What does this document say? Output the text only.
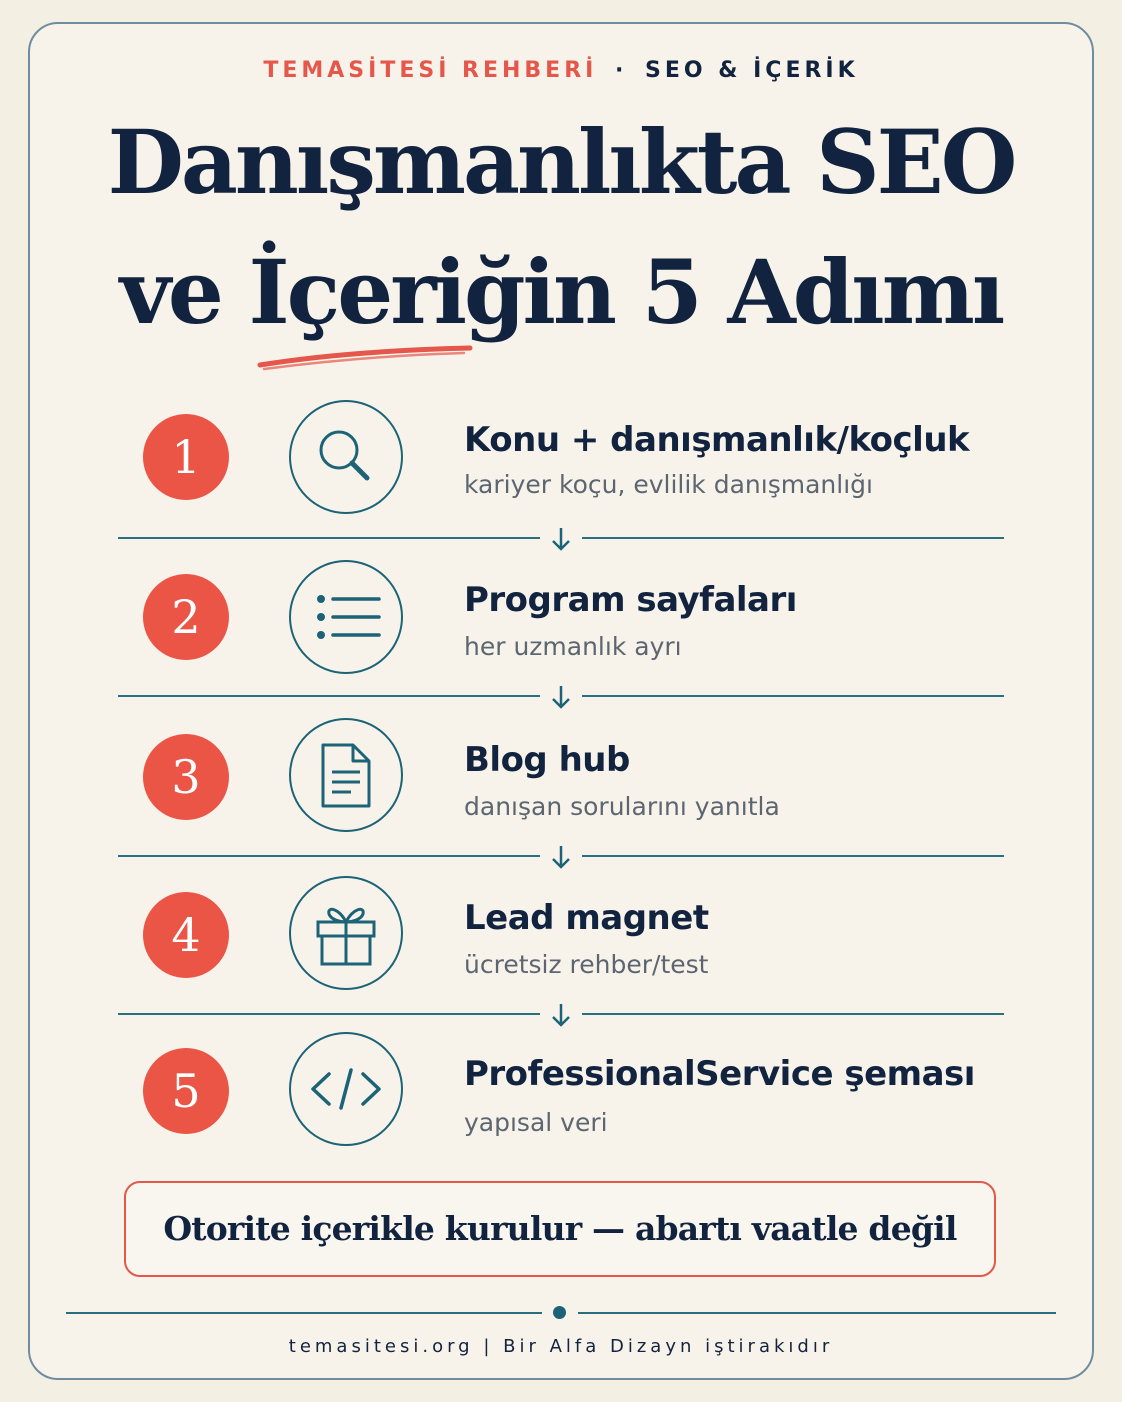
TEMASİTESİ REHBERİ · SEO & İÇERİK
Danışmanlıkta SEO
ve İçeriğin 5 Adımı
1	Konu + danışmanlık/koçluk
kariyer koçu, evlilik danışmanlığı
2	Program sayfaları
her uzmanlık ayrı
3	Blog hub
danışan sorularını yanıtla
4	Lead magnet
ücretsiz rehber/test
5	ProfessionalService şeması
yapısal veri
Otorite içerikle kurulur — abartı vaatle değil
temasitesi.org | Bir Alfa Dizayn iştirakıdır
